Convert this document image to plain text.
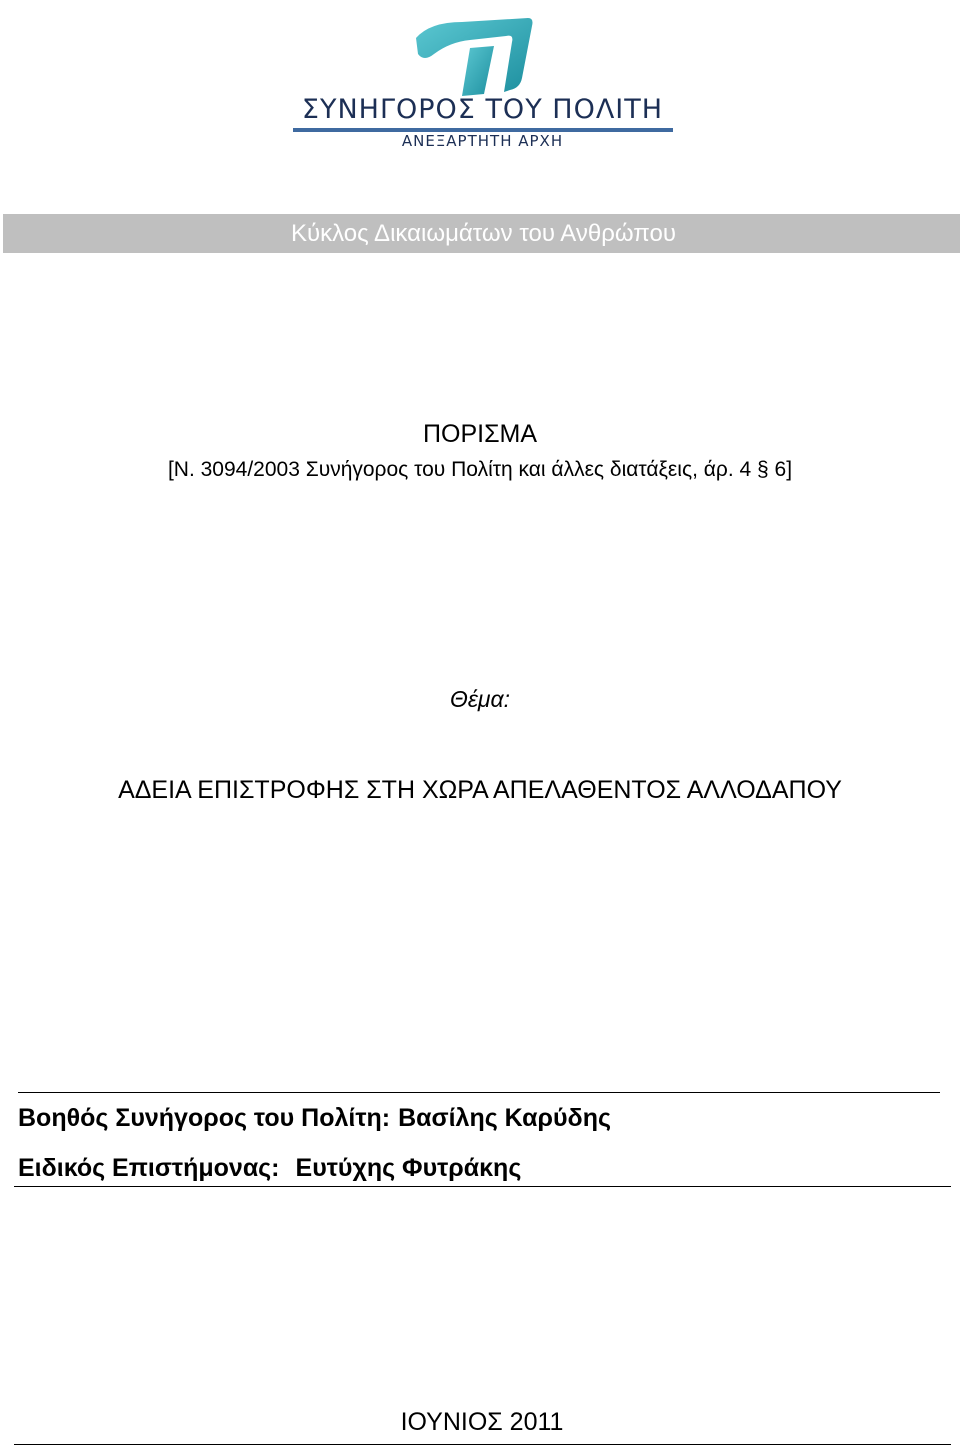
ΣΥΝΗΓΟΡΟΣ ΤΟΥ ΠΟΛΙΤΗ
ΑΝΕΞΑΡΤΗΤΗ ΑΡΧΗ
Κύκλος Δικαιωμάτων του Ανθρώπου
ΠΟΡΙΣΜΑ
[Ν. 3094/2003 Συνήγορος του Πολίτη και άλλες διατάξεις, άρ. 4 § 6]
Θέμα:
ΑΔΕΙΑ ΕΠΙΣΤΡΟΦΗΣ ΣΤΗ ΧΩΡΑ ΑΠΕΛΑΘΕΝΤΟΣ ΑΛΛΟΔΑΠΟΥ
Βοηθός Συνήγορος του Πολίτη: Βασίλης Καρύδης
Ειδικός Επιστήμονας: Ευτύχης Φυτράκης
ΙΟΥΝΙΟΣ 2011
